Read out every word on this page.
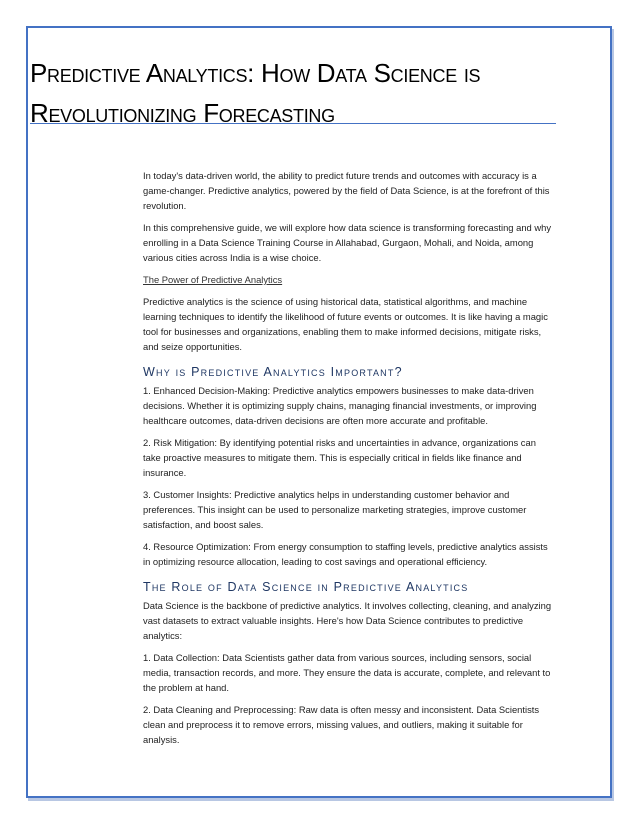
Predictive Analytics: How Data Science is Revolutionizing Forecasting

In today's data-driven world, the ability to predict future trends and outcomes with accuracy is a game-changer. Predictive analytics, powered by the field of Data Science, is at the forefront of this revolution.

In this comprehensive guide, we will explore how data science is transforming forecasting and why enrolling in a Data Science Training Course in Allahabad, Gurgaon, Mohali, and Noida, among various cities across India is a wise choice.

The Power of Predictive Analytics

Predictive analytics is the science of using historical data, statistical algorithms, and machine learning techniques to identify the likelihood of future events or outcomes. It is like having a magic tool for businesses and organizations, enabling them to make informed decisions, mitigate risks, and seize opportunities.

Why is Predictive Analytics Important?

1. Enhanced Decision-Making: Predictive analytics empowers businesses to make data-driven decisions. Whether it is optimizing supply chains, managing financial investments, or improving healthcare outcomes, data-driven decisions are often more accurate and profitable.

2. Risk Mitigation: By identifying potential risks and uncertainties in advance, organizations can take proactive measures to mitigate them. This is especially critical in fields like finance and insurance.

3. Customer Insights: Predictive analytics helps in understanding customer behavior and preferences. This insight can be used to personalize marketing strategies, improve customer satisfaction, and boost sales.

4. Resource Optimization: From energy consumption to staffing levels, predictive analytics assists in optimizing resource allocation, leading to cost savings and operational efficiency.

The Role of Data Science in Predictive Analytics

Data Science is the backbone of predictive analytics. It involves collecting, cleaning, and analyzing vast datasets to extract valuable insights. Here's how Data Science contributes to predictive analytics:

1. Data Collection: Data Scientists gather data from various sources, including sensors, social media, transaction records, and more. They ensure the data is accurate, complete, and relevant to the problem at hand.

2. Data Cleaning and Preprocessing: Raw data is often messy and inconsistent. Data Scientists clean and preprocess it to remove errors, missing values, and outliers, making it suitable for analysis.
